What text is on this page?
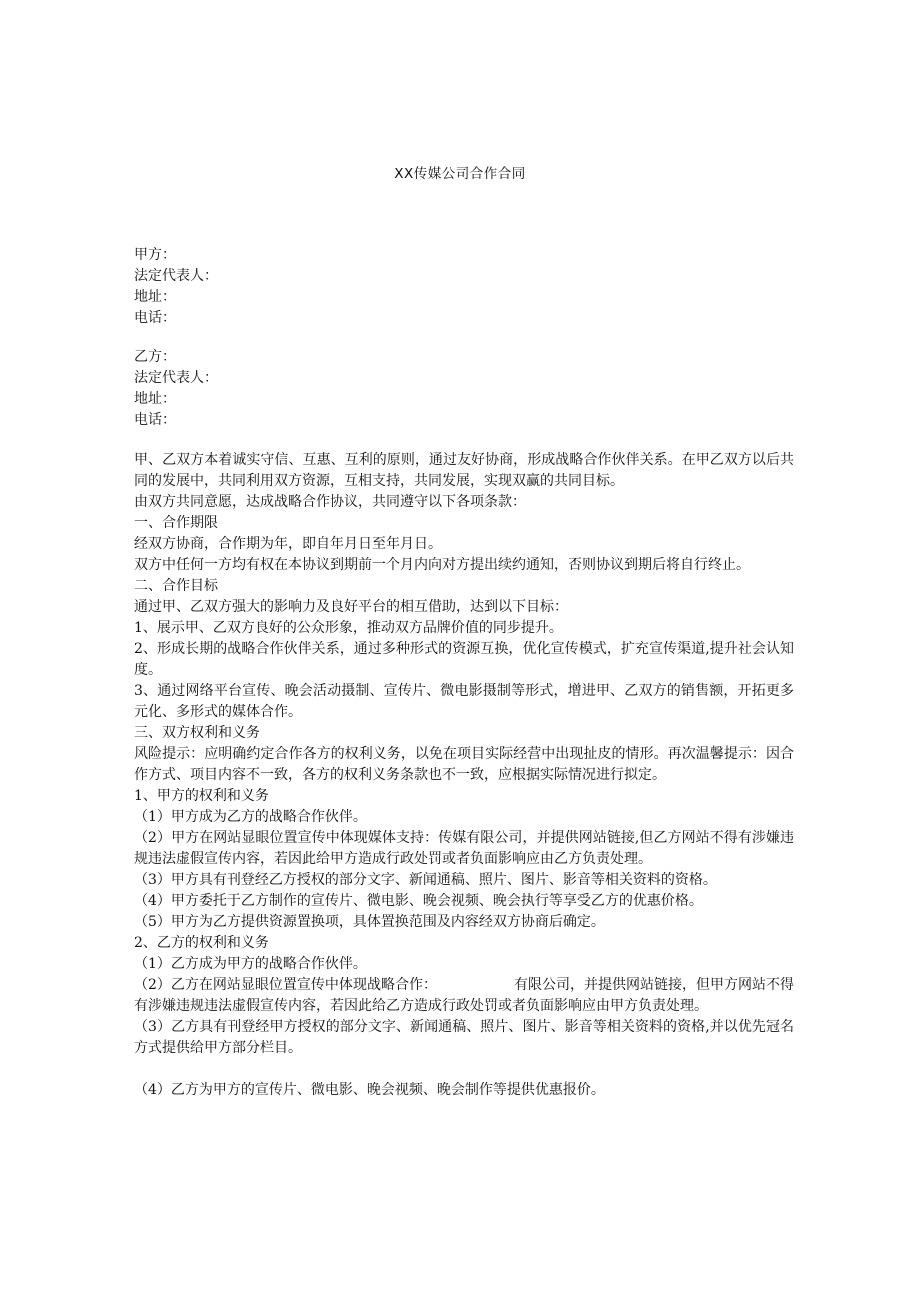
XX传媒公司合作合同
甲方：
法定代表人：
地址：
电话：
乙方：
法定代表人：
地址：
电话：
甲、乙双方本着诚实守信、互惠、互利的原则，通过友好协商，形成战略合作伙伴关系。在甲乙双方以后共同的发展中，共同利用双方资源，互相支持，共同发展，实现双赢的共同目标。
由双方共同意愿，达成战略合作协议，共同遵守以下各项条款：
一、合作期限
经双方协商，合作期为年，即自年月日至年月日。
双方中任何一方均有权在本协议到期前一个月内向对方提出续约通知，否则协议到期后将自行终止。
二、合作目标
通过甲、乙双方强大的影响力及良好平台的相互借助，达到以下目标：
1、展示甲、乙双方良好的公众形象，推动双方品牌价值的同步提升。
2、形成长期的战略合作伙伴关系，通过多种形式的资源互换，优化宣传模式，扩充宣传渠道,提升社会认知度。
3、通过网络平台宣传、晚会活动摄制、宣传片、微电影摄制等形式，增进甲、乙双方的销售额，开拓更多元化、多形式的媒体合作。
三、双方权利和义务
风险提示：应明确约定合作各方的权利义务，以免在项目实际经营中出现扯皮的情形。再次温馨提示：因合作方式、项目内容不一致，各方的权利义务条款也不一致，应根据实际情况进行拟定。
1、甲方的权利和义务
（1）甲方成为乙方的战略合作伙伴。
（2）甲方在网站显眼位置宣传中体现媒体支持：传媒有限公司，并提供网站链接,但乙方网站不得有涉嫌违规违法虚假宣传内容，若因此给甲方造成行政处罚或者负面影响应由乙方负责处理。
（3）甲方具有刊登经乙方授权的部分文字、新闻通稿、照片、图片、影音等相关资料的资格。
（4）甲方委托于乙方制作的宣传片、微电影、晚会视频、晚会执行等享受乙方的优惠价格。
（5）甲方为乙方提供资源置换项，具体置换范围及内容经双方协商后确定。
2、乙方的权利和义务
（1）乙方成为甲方的战略合作伙伴。
（2）乙方在网站显眼位置宣传中体现战略合作：　　　　　　有限公司，并提供网站链接，但甲方网站不得有涉嫌违规违法虚假宣传内容，若因此给乙方造成行政处罚或者负面影响应由甲方负责处理。
（3）乙方具有刊登经甲方授权的部分文字、新闻通稿、照片、图片、影音等相关资料的资格,并以优先冠名方式提供给甲方部分栏目。
（4）乙方为甲方的宣传片、微电影、晚会视频、晚会制作等提供优惠报价。
